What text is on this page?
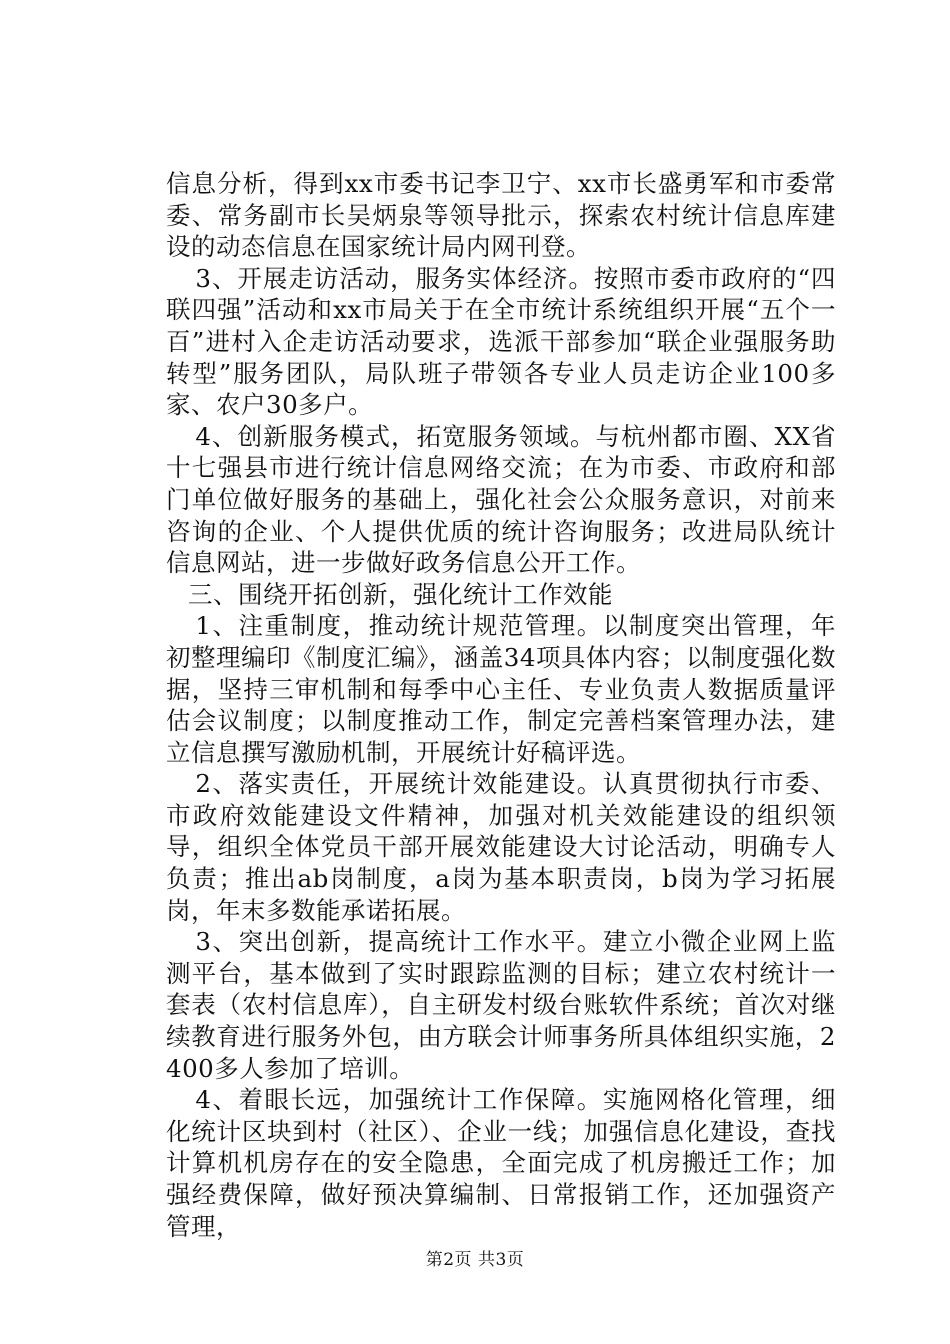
信息分析，得到xx市委书记李卫宁、xx市长盛勇军和市委常委、常务副市长吴炳泉等领导批示，探索农村统计信息库建设的动态信息在国家统计局内网刊登。

3、开展走访活动，服务实体经济。按照市委市政府的“四联四强”活动和xx市局关于在全市统计系统组织开展“五个一百”进村入企走访活动要求，选派干部参加“联企业强服务助转型”服务团队，局队班子带领各专业人员走访企业100多家、农户30多户。

4、创新服务模式，拓宽服务领域。与杭州都市圈、XX省十七强县市进行统计信息网络交流；在为市委、市政府和部门单位做好服务的基础上，强化社会公众服务意识，对前来咨询的企业、个人提供优质的统计咨询服务；改进局队统计信息网站，进一步做好政务信息公开工作。

三、围绕开拓创新，强化统计工作效能

1、注重制度，推动统计规范管理。以制度突出管理，年初整理编印《制度汇编》，涵盖34项具体内容；以制度强化数据，坚持三审机制和每季中心主任、专业负责人数据质量评估会议制度；以制度推动工作，制定完善档案管理办法，建立信息撰写激励机制，开展统计好稿评选。

2、落实责任，开展统计效能建设。认真贯彻执行市委、市政府效能建设文件精神，加强对机关效能建设的组织领导，组织全体党员干部开展效能建设大讨论活动，明确专人负责；推出ab岗制度，a岗为基本职责岗，b岗为学习拓展岗，年末多数能承诺拓展。

3、突出创新，提高统计工作水平。建立小微企业网上监测平台，基本做到了实时跟踪监测的目标；建立农村统计一套表（农村信息库），自主研发村级台账软件系统；首次对继续教育进行服务外包，由方联会计师事务所具体组织实施，2400多人参加了培训。

4、着眼长远，加强统计工作保障。实施网格化管理，细化统计区块到村（社区）、企业一线；加强信息化建设，查找计算机机房存在的安全隐患，全面完成了机房搬迁工作；加强经费保障，做好预决算编制、日常报销工作，还加强资产管理，

第2页 共3页
